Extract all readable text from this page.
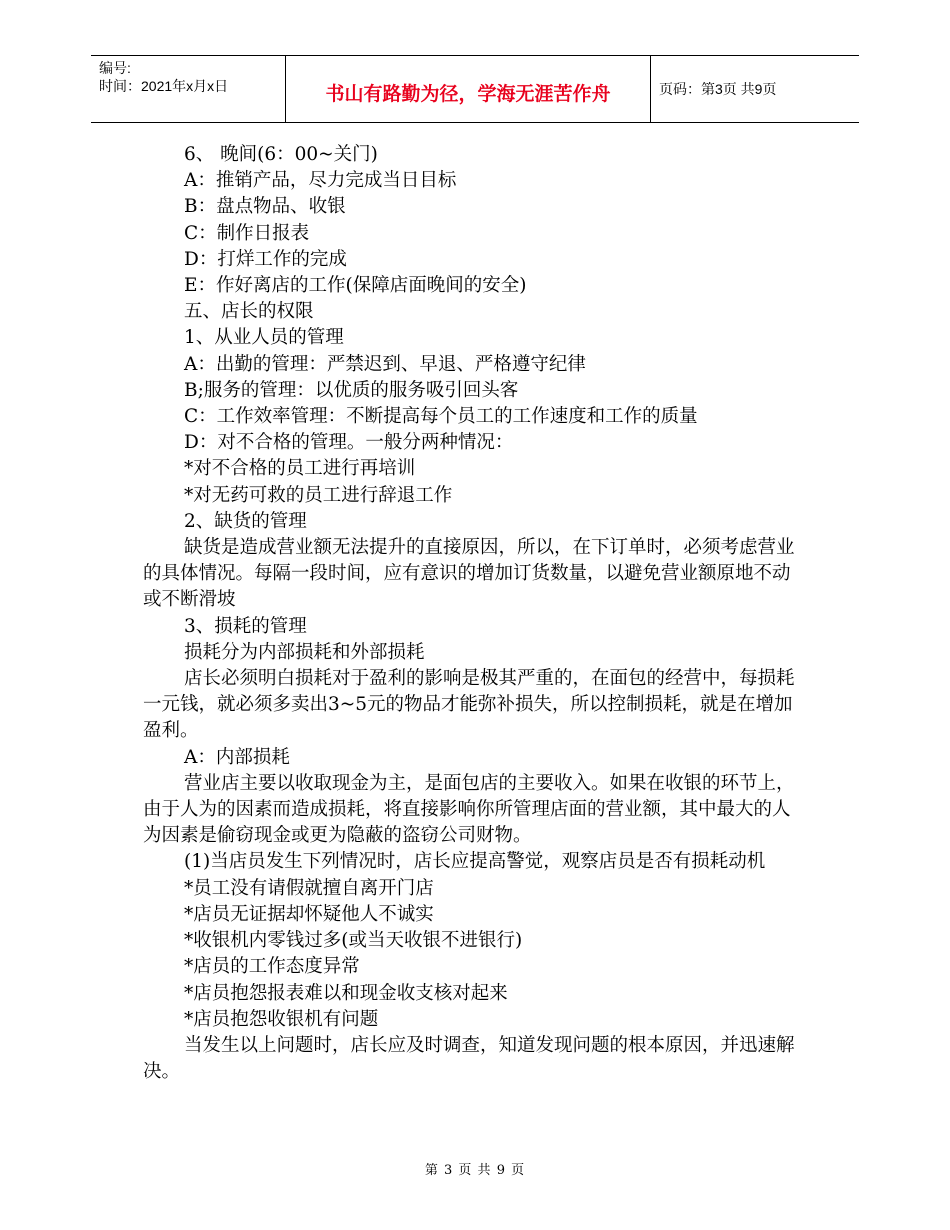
编号:
时间：2021年x月x日	书山有路勤为径，学海无涯苦作舟	页码：第3页 共9页

6、 晚间(6：00~关门)

A：推销产品，尽力完成当日目标

B：盘点物品、收银

C：制作日报表

D：打烊工作的完成

E：作好离店的工作(保障店面晚间的安全)

五、店长的权限

1、从业人员的管理

A：出勤的管理：严禁迟到、早退、严格遵守纪律

B;服务的管理：以优质的服务吸引回头客

C：工作效率管理：不断提高每个员工的工作速度和工作的质量

D：对不合格的管理。一般分两种情况：

*对不合格的员工进行再培训

*对无药可救的员工进行辞退工作

2、缺货的管理

缺货是造成营业额无法提升的直接原因，所以，在下订单时，必须考虑营业的具体情况。每隔一段时间，应有意识的增加订货数量，以避免营业额原地不动或不断滑坡

3、损耗的管理

损耗分为内部损耗和外部损耗

店长必须明白损耗对于盈利的影响是极其严重的，在面包的经营中，每损耗一元钱，就必须多卖出3~5元的物品才能弥补损失，所以控制损耗，就是在增加盈利。

A：内部损耗

营业店主要以收取现金为主，是面包店的主要收入。如果在收银的环节上，由于人为的因素而造成损耗，将直接影响你所管理店面的营业额，其中最大的人为因素是偷窃现金或更为隐蔽的盗窃公司财物。

(1)当店员发生下列情况时，店长应提高警觉，观察店员是否有损耗动机

*员工没有请假就擅自离开门店

*店员无证据却怀疑他人不诚实

*收银机内零钱过多(或当天收银不进银行)

*店员的工作态度异常

*店员抱怨报表难以和现金收支核对起来

*店员抱怨收银机有问题

当发生以上问题时，店长应及时调查，知道发现问题的根本原因，并迅速解决。

第 3 页 共 9 页
